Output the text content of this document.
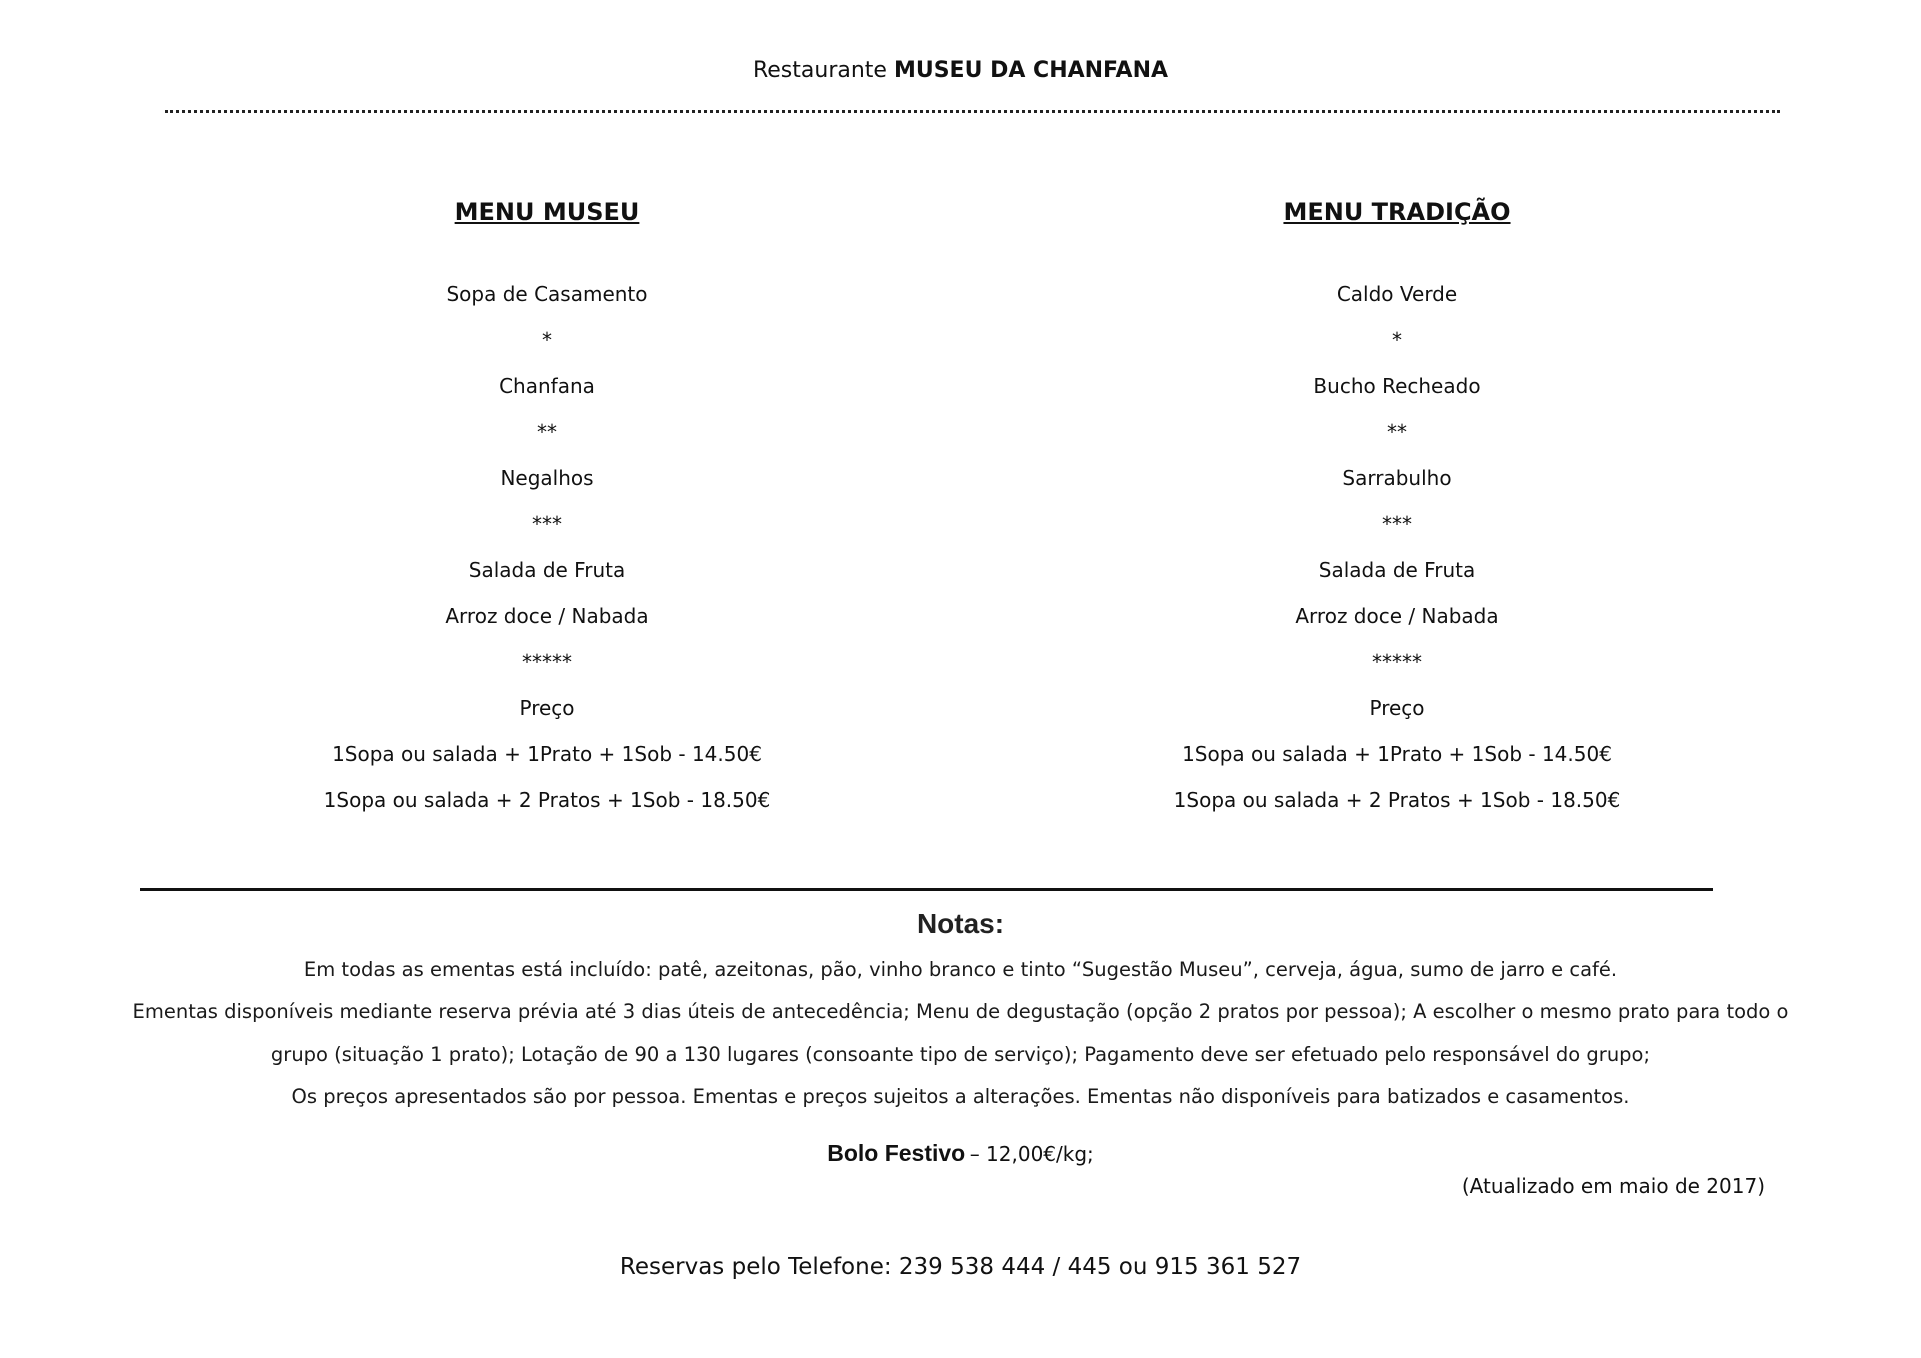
Restaurante MUSEU DA CHANFANA
MENU MUSEU
Sopa de Casamento
*
Chanfana
**
Negalhos
***
Salada de Fruta
Arroz doce / Nabada
*****
Preço
1Sopa ou salada + 1Prato + 1Sob - 14.50€
1Sopa ou salada + 2 Pratos + 1Sob - 18.50€
MENU TRADIÇÃO
Caldo Verde
*
Bucho Recheado
**
Sarrabulho
***
Salada de Fruta
Arroz doce / Nabada
*****
Preço
1Sopa ou salada + 1Prato + 1Sob - 14.50€
1Sopa ou salada + 2 Pratos + 1Sob - 18.50€
Notas:
Em todas as ementas está incluído: patê, azeitonas, pão, vinho branco e tinto “Sugestão Museu”, cerveja, água, sumo de jarro e café.
Ementas disponíveis mediante reserva prévia até 3 dias úteis de antecedência; Menu de degustação (opção 2 pratos por pessoa); A escolher o mesmo prato para todo o
grupo (situação 1 prato); Lotação de 90 a 130 lugares (consoante tipo de serviço); Pagamento deve ser efetuado pelo responsável do grupo;
Os preços apresentados são por pessoa. Ementas e preços sujeitos a alterações. Ementas não disponíveis para batizados e casamentos.
Bolo Festivo – 12,00€/kg;
(Atualizado em maio de 2017)
Reservas pelo Telefone: 239 538 444 / 445 ou 915 361 527
